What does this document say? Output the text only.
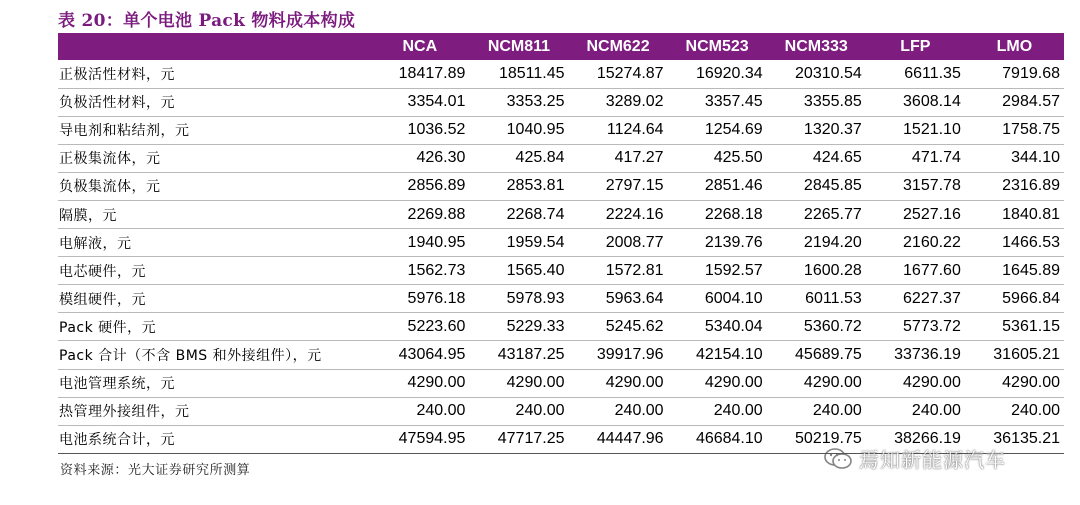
表 20：单个电池 Pack 物料成本构成
	NCA	NCM811	NCM622	NCM523	NCM333	LFP	LMO
正极活性材料，元	18417.89	18511.45	15274.87	16920.34	20310.54	6611.35	7919.68
负极活性材料，元	3354.01	3353.25	3289.02	3357.45	3355.85	3608.14	2984.57
导电剂和粘结剂，元	1036.52	1040.95	1124.64	1254.69	1320.37	1521.10	1758.75
正极集流体，元	426.30	425.84	417.27	425.50	424.65	471.74	344.10
负极集流体，元	2856.89	2853.81	2797.15	2851.46	2845.85	3157.78	2316.89
隔膜，元	2269.88	2268.74	2224.16	2268.18	2265.77	2527.16	1840.81
电解液，元	1940.95	1959.54	2008.77	2139.76	2194.20	2160.22	1466.53
电芯硬件，元	1562.73	1565.40	1572.81	1592.57	1600.28	1677.60	1645.89
模组硬件，元	5976.18	5978.93	5963.64	6004.10	6011.53	6227.37	5966.84
Pack 硬件，元	5223.60	5229.33	5245.62	5340.04	5360.72	5773.72	5361.15
Pack 合计（不含 BMS 和外接组件），元	43064.95	43187.25	39917.96	42154.10	45689.75	33736.19	31605.21
电池管理系统，元	4290.00	4290.00	4290.00	4290.00	4290.00	4290.00	4290.00
热管理外接组件，元	240.00	240.00	240.00	240.00	240.00	240.00	240.00
电池系统合计，元	47594.95	47717.25	44447.96	46684.10	50219.75	38266.19	36135.21
资料来源：光大证券研究所测算	焉知新能源汽车
